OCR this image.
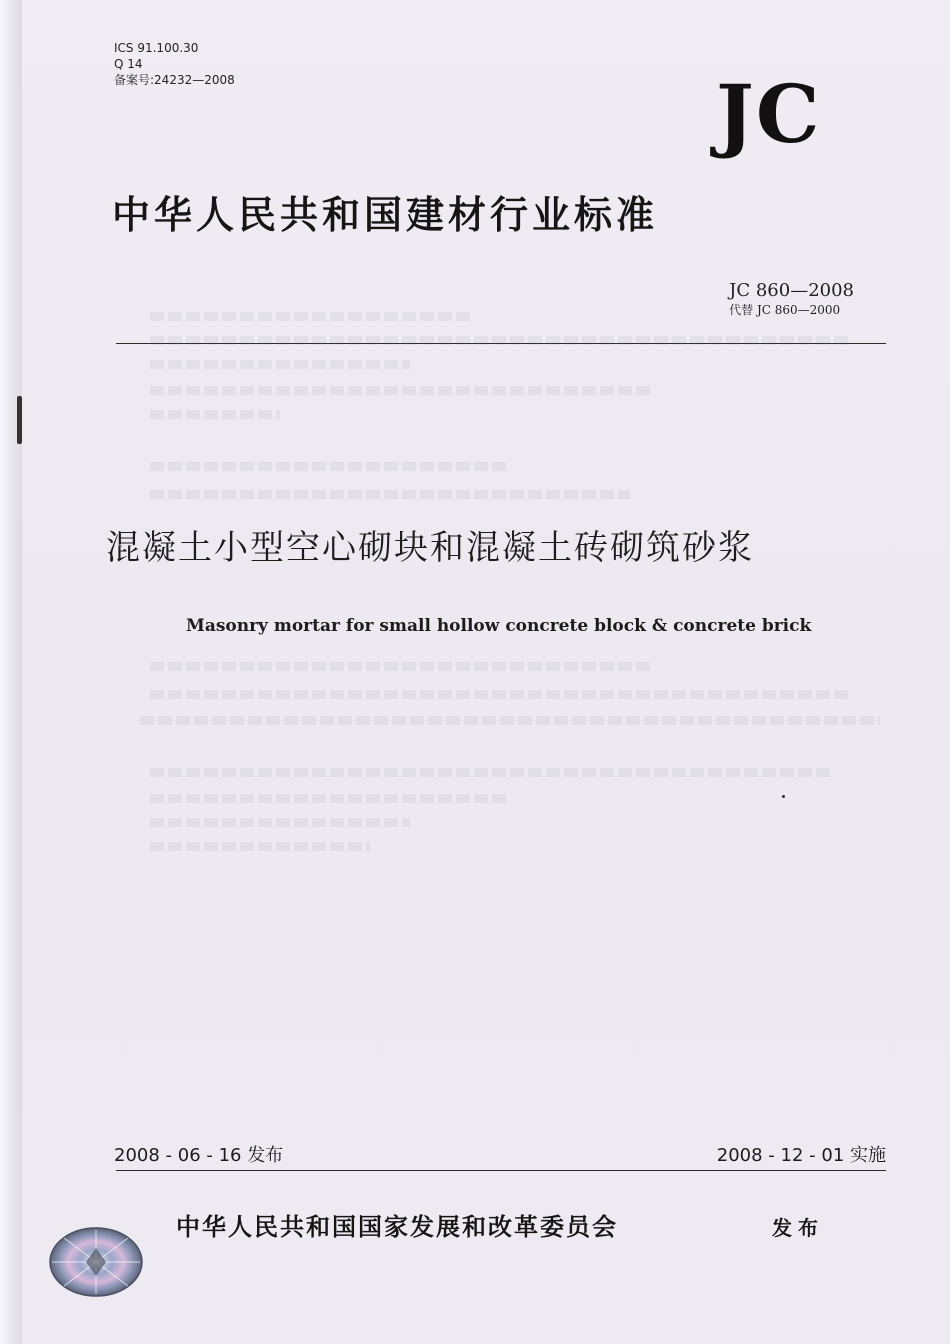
ICS 91.100.30
Q 14
备案号:24232—2008	JC
中华人民共和国建材行业标准
JC 860—2008
代替 JC 860—2000
混凝土小型空心砌块和混凝土砖砌筑砂浆
Masonry mortar for small hollow concrete block & concrete brick
2008 - 06 - 16 发布	2008 - 12 - 01 实施
中华人民共和国国家发展和改革委员会	发布
